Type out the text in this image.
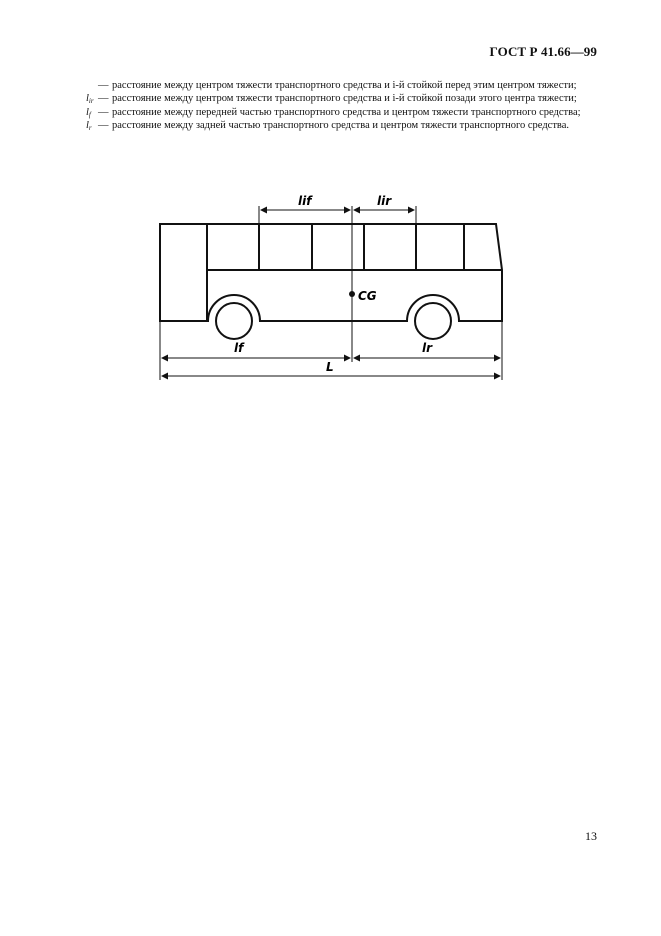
ГОСТ Р 41.66—99
— расстояние между центром тяжести транспортного средства и i-й стойкой перед этим центром тяжести;
$l_{ir}$ — расстояние между центром тяжести транспортного средства и i-й стойкой позади этого центра тяжести;
$l_f$ — расстояние между передней частью транспортного средства и центром тяжести транспортного средства;
$l_r$ — расстояние между задней частью транспортного средства и центром тяжести транспортного средства.
CG
lif	lir
lf	lr
L
13
